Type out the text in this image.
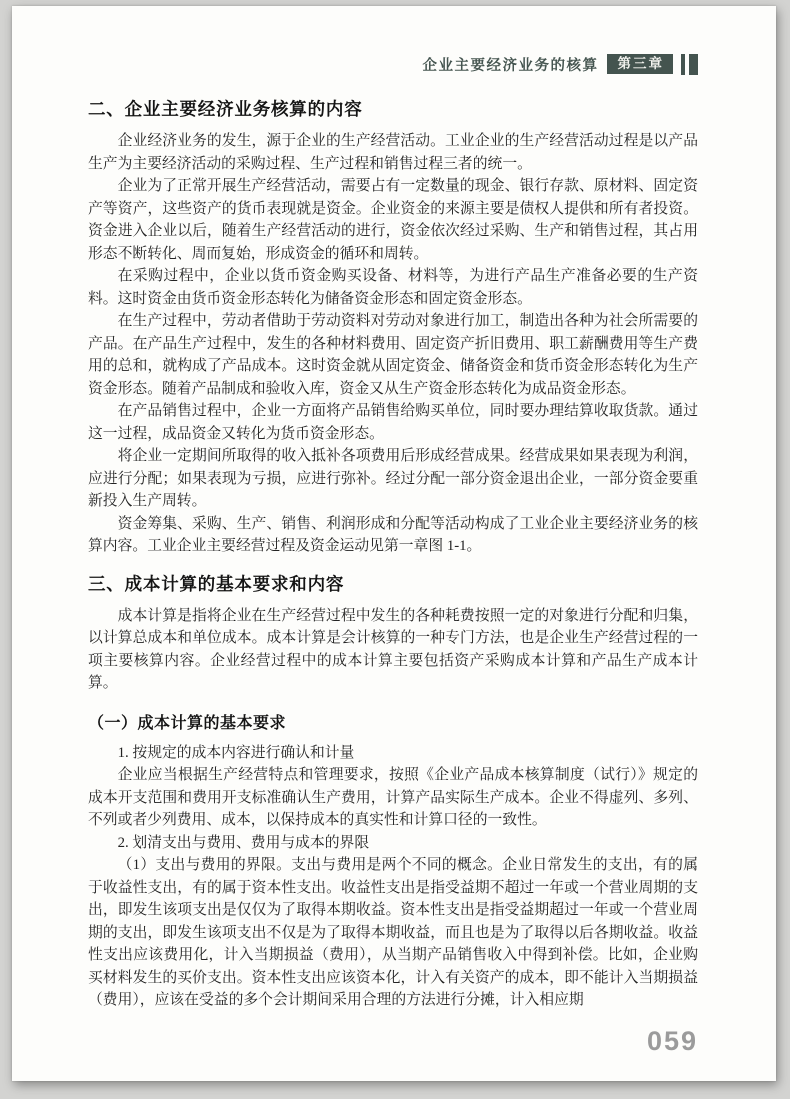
企业主要经济业务的核算	第三章
二、企业主要经济业务核算的内容

企业经济业务的发生，源于企业的生产经营活动。工业企业的生产经营活动过程是以产品生产为主要经济活动的采购过程、生产过程和销售过程三者的统一。

企业为了正常开展生产经营活动，需要占有一定数量的现金、银行存款、原材料、固定资产等资产，这些资产的货币表现就是资金。企业资金的来源主要是债权人提供和所有者投资。资金进入企业以后，随着生产经营活动的进行，资金依次经过采购、生产和销售过程，其占用形态不断转化、周而复始，形成资金的循环和周转。

在采购过程中，企业以货币资金购买设备、材料等，为进行产品生产准备必要的生产资料。这时资金由货币资金形态转化为储备资金形态和固定资金形态。

在生产过程中，劳动者借助于劳动资料对劳动对象进行加工，制造出各种为社会所需要的产品。在产品生产过程中，发生的各种材料费用、固定资产折旧费用、职工薪酬费用等生产费用的总和，就构成了产品成本。这时资金就从固定资金、储备资金和货币资金形态转化为生产资金形态。随着产品制成和验收入库，资金又从生产资金形态转化为成品资金形态。

在产品销售过程中，企业一方面将产品销售给购买单位，同时要办理结算收取货款。通过这一过程，成品资金又转化为货币资金形态。

将企业一定期间所取得的收入抵补各项费用后形成经营成果。经营成果如果表现为利润，应进行分配；如果表现为亏损，应进行弥补。经过分配一部分资金退出企业，一部分资金要重新投入生产周转。

资金筹集、采购、生产、销售、利润形成和分配等活动构成了工业企业主要经济业务的核算内容。工业企业主要经营过程及资金运动见第一章图 1-1。

三、成本计算的基本要求和内容

成本计算是指将企业在生产经营过程中发生的各种耗费按照一定的对象进行分配和归集，以计算总成本和单位成本。成本计算是会计核算的一种专门方法，也是企业生产经营过程的一项主要核算内容。企业经营过程中的成本计算主要包括资产采购成本计算和产品生产成本计算。

（一）成本计算的基本要求

1. 按规定的成本内容进行确认和计量

企业应当根据生产经营特点和管理要求，按照《企业产品成本核算制度（试行）》规定的成本开支范围和费用开支标准确认生产费用，计算产品实际生产成本。企业不得虚列、多列、不列或者少列费用、成本，以保持成本的真实性和计算口径的一致性。

2. 划清支出与费用、费用与成本的界限

（1）支出与费用的界限。支出与费用是两个不同的概念。企业日常发生的支出，有的属于收益性支出，有的属于资本性支出。收益性支出是指受益期不超过一年或一个营业周期的支出，即发生该项支出是仅仅为了取得本期收益。资本性支出是指受益期超过一年或一个营业周期的支出，即发生该项支出不仅是为了取得本期收益，而且也是为了取得以后各期收益。收益性支出应该费用化，计入当期损益（费用），从当期产品销售收入中得到补偿。比如，企业购买材料发生的买价支出。资本性支出应该资本化，计入有关资产的成本，即不能计入当期损益（费用），应该在受益的多个会计期间采用合理的方法进行分摊，计入相应期

059
